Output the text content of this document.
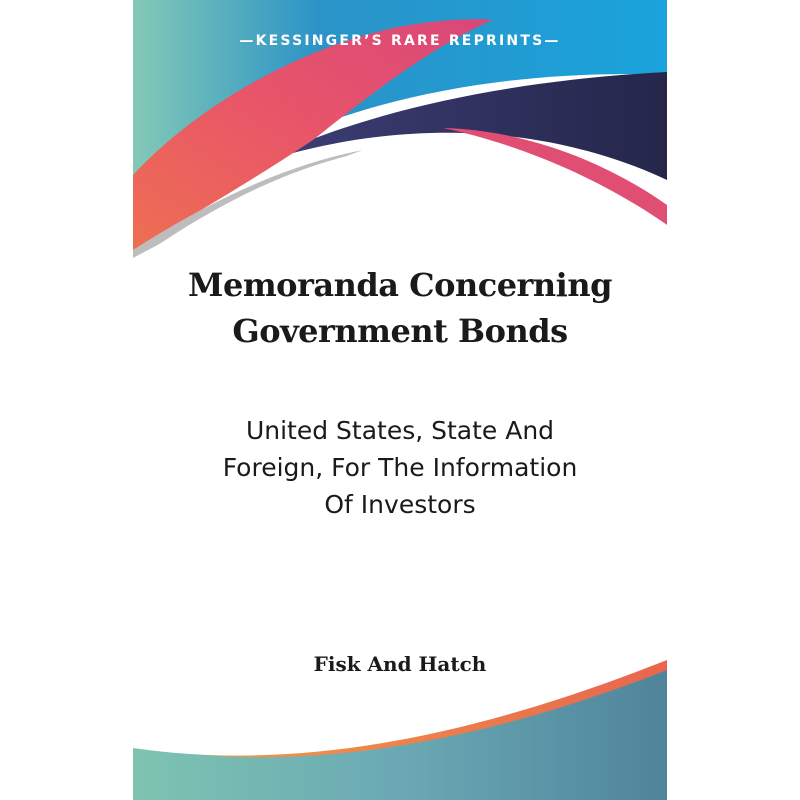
—KESSINGER’S RARE REPRINTS—
Memoranda Concerning
Government Bonds
United States, State And
Foreign, For The Information
Of Investors
Fisk And Hatch
